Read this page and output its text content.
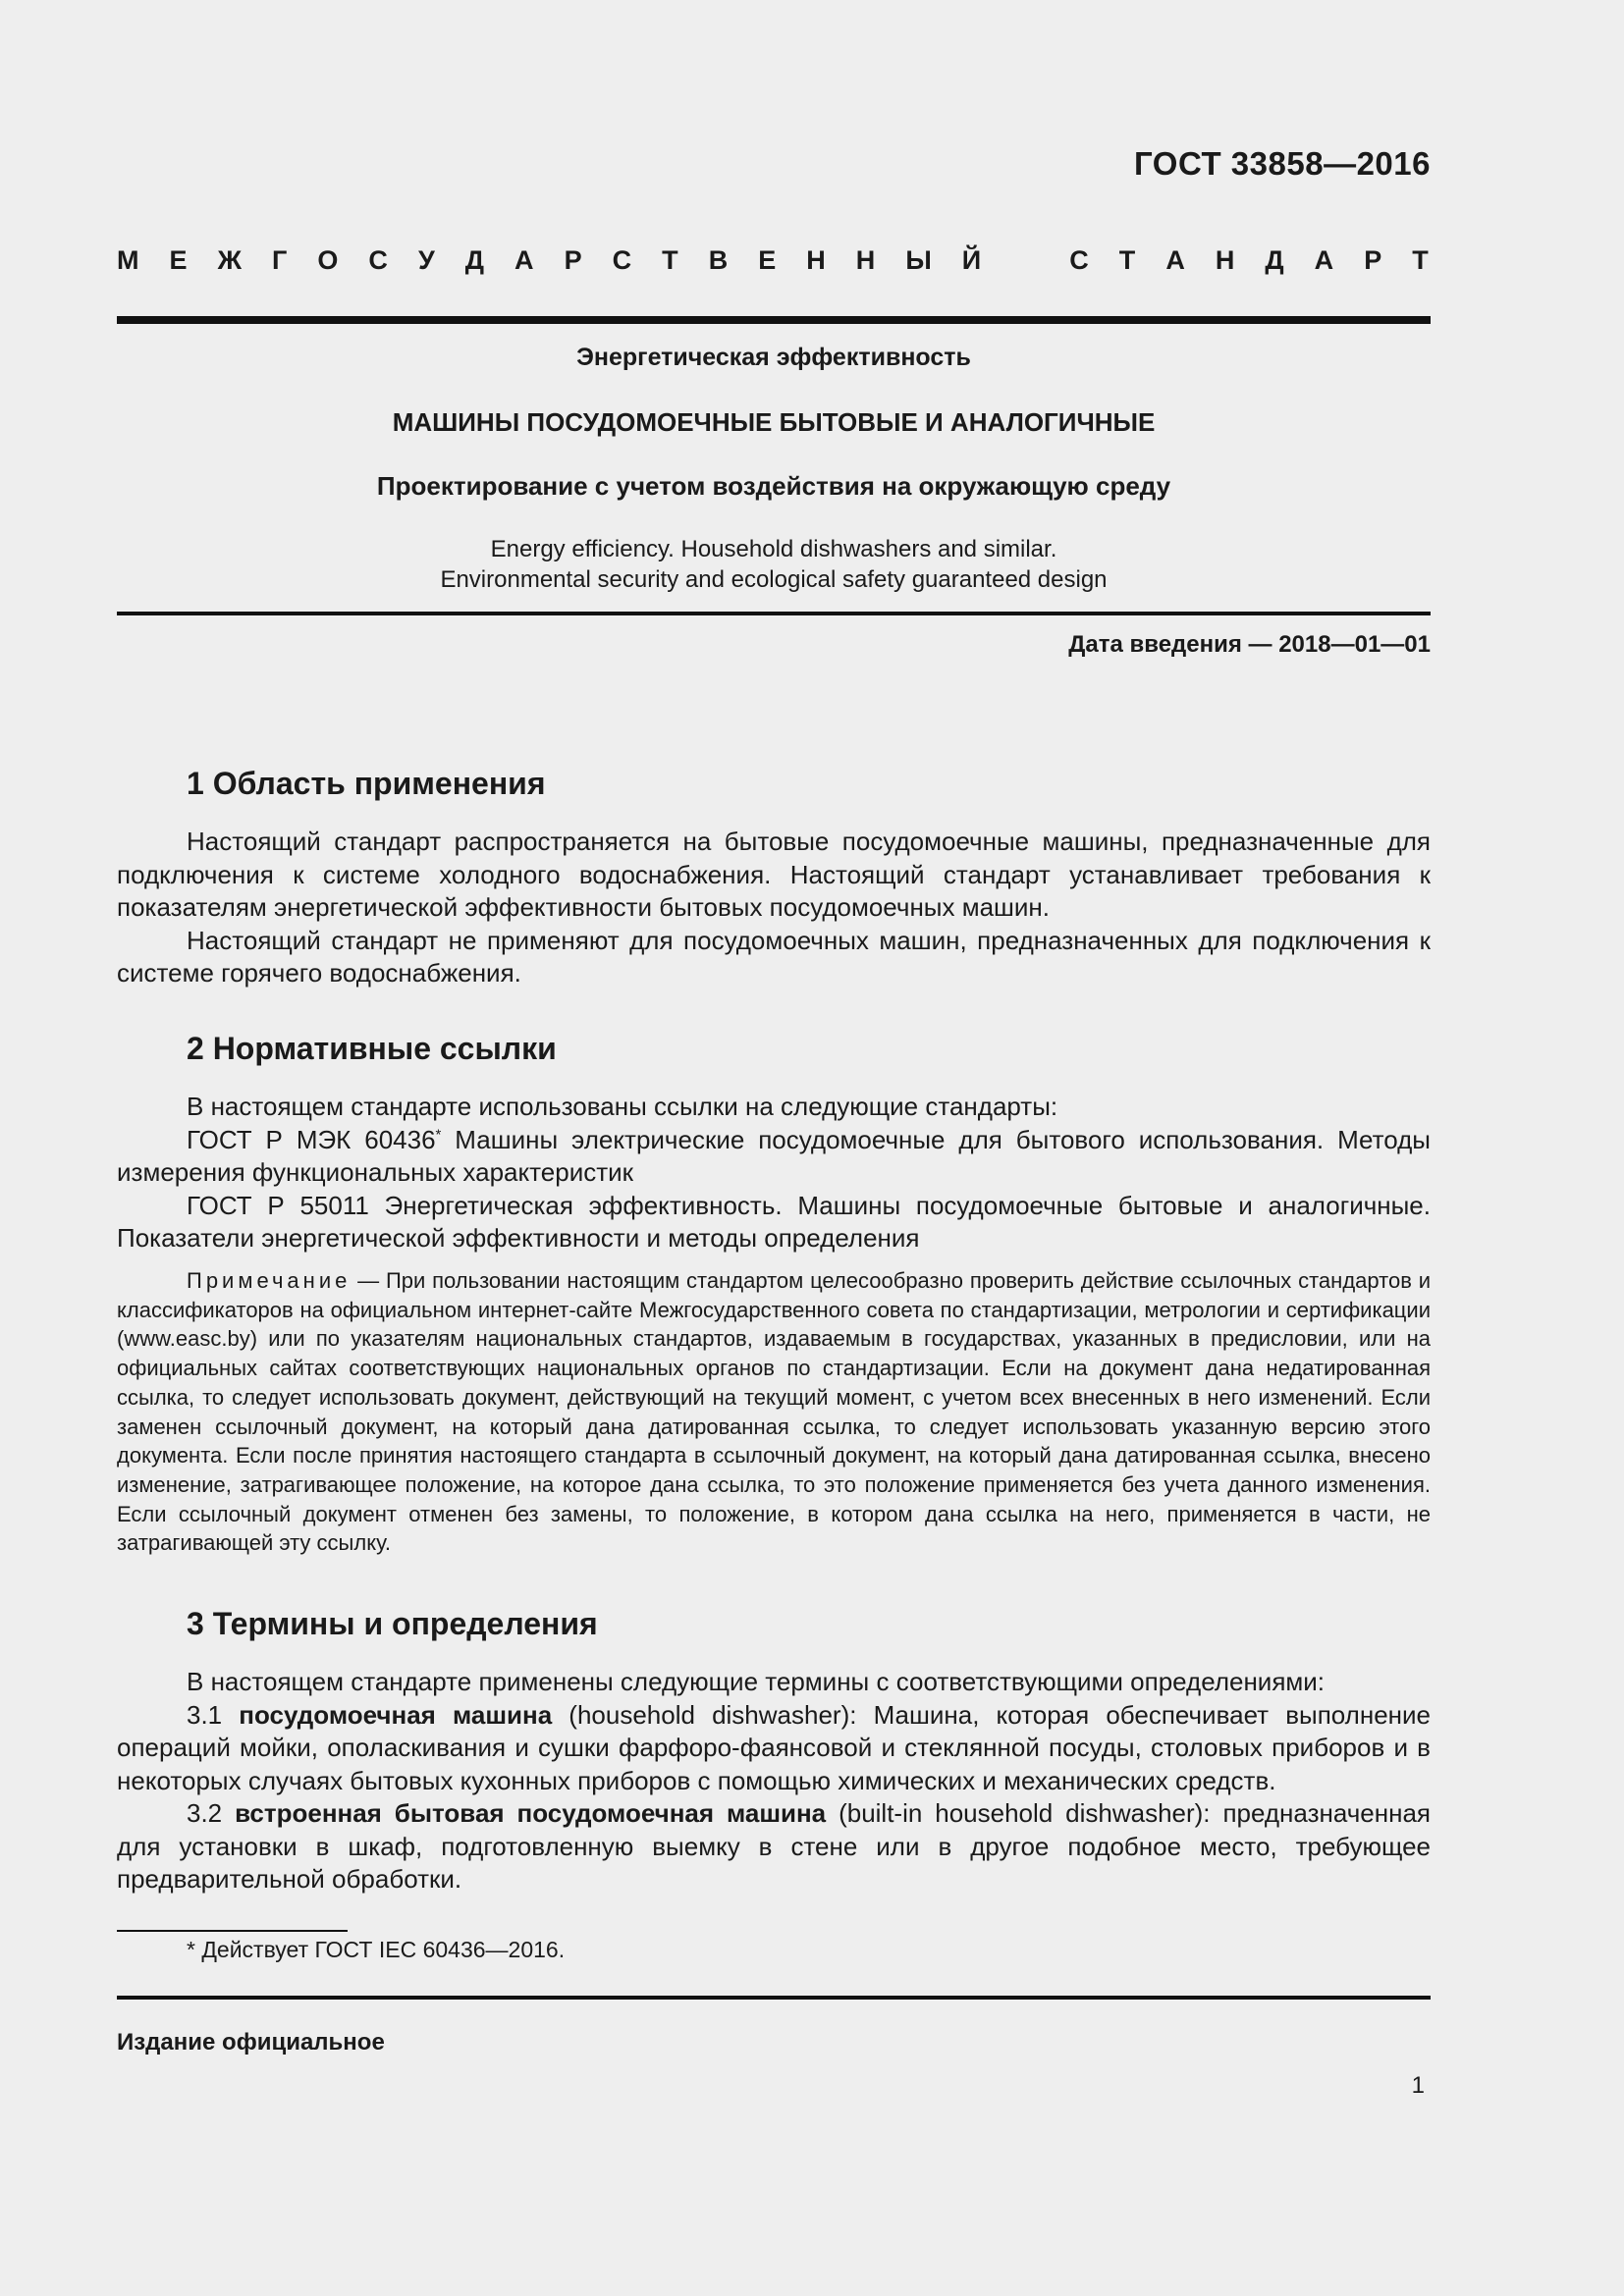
ГОСТ 33858—2016
М Е Ж Г О С У Д А Р С Т В Е Н Н Ы Й	С Т А Н Д А Р Т
Энергетическая эффективность
МАШИНЫ ПОСУДОМОЕЧНЫЕ БЫТОВЫЕ И АНАЛОГИЧНЫЕ
Проектирование с учетом воздействия на окружающую среду
Energy efficiency. Household dishwashers and similar.
Environmental security and ecological safety guaranteed design
Дата введения — 2018—01—01
1 Область применения

Настоящий стандарт распространяется на бытовые посудомоечные машины, предназначенные для подключения к системе холодного водоснабжения. Настоящий стандарт устанавливает требования к показателям энергетической эффективности бытовых посудомоечных машин.

Настоящий стандарт не применяют для посудомоечных машин, предназначенных для подключения к системе горячего водоснабжения.

2 Нормативные ссылки

В настоящем стандарте использованы ссылки на следующие стандарты:

ГОСТ Р МЭК 60436* Машины электрические посудомоечные для бытового использования. Методы измерения функциональных характеристик

ГОСТ Р 55011 Энергетическая эффективность. Машины посудомоечные бытовые и аналогичные. Показатели энергетической эффективности и методы определения

Примечание — При пользовании настоящим стандартом целесообразно проверить действие ссылочных стандартов и классификаторов на официальном интернет-сайте Межгосударственного совета по стандартизации, метрологии и сертификации (www.easc.by) или по указателям национальных стандартов, издаваемым в государствах, указанных в предисловии, или на официальных сайтах соответствующих национальных органов по стандартизации. Если на документ дана недатированная ссылка, то следует использовать документ, действующий на текущий момент, с учетом всех внесенных в него изменений. Если заменен ссылочный документ, на который дана датированная ссылка, то следует использовать указанную версию этого документа. Если после принятия настоящего стандарта в ссылочный документ, на который дана датированная ссылка, внесено изменение, затрагивающее положение, на которое дана ссылка, то это положение применяется без учета данного изменения. Если ссылочный документ отменен без замены, то положение, в котором дана ссылка на него, применяется в части, не затрагивающей эту ссылку.

3 Термины и определения

В настоящем стандарте применены следующие термины с соответствующими определениями:

3.1 посудомоечная машина (household dishwasher): Машина, которая обеспечивает выполнение операций мойки, ополаскивания и сушки фарфоро-фаянсовой и стеклянной посуды, столовых приборов и в некоторых случаях бытовых кухонных приборов с помощью химических и механических средств.

3.2 встроенная бытовая посудомоечная машина (built-in household dishwasher): предназначенная для установки в шкаф, подготовленную выемку в стене или в другое подобное место, требующее предварительной обработки.

* Действует ГОСТ IEC 60436—2016.
Издание официальное
1
